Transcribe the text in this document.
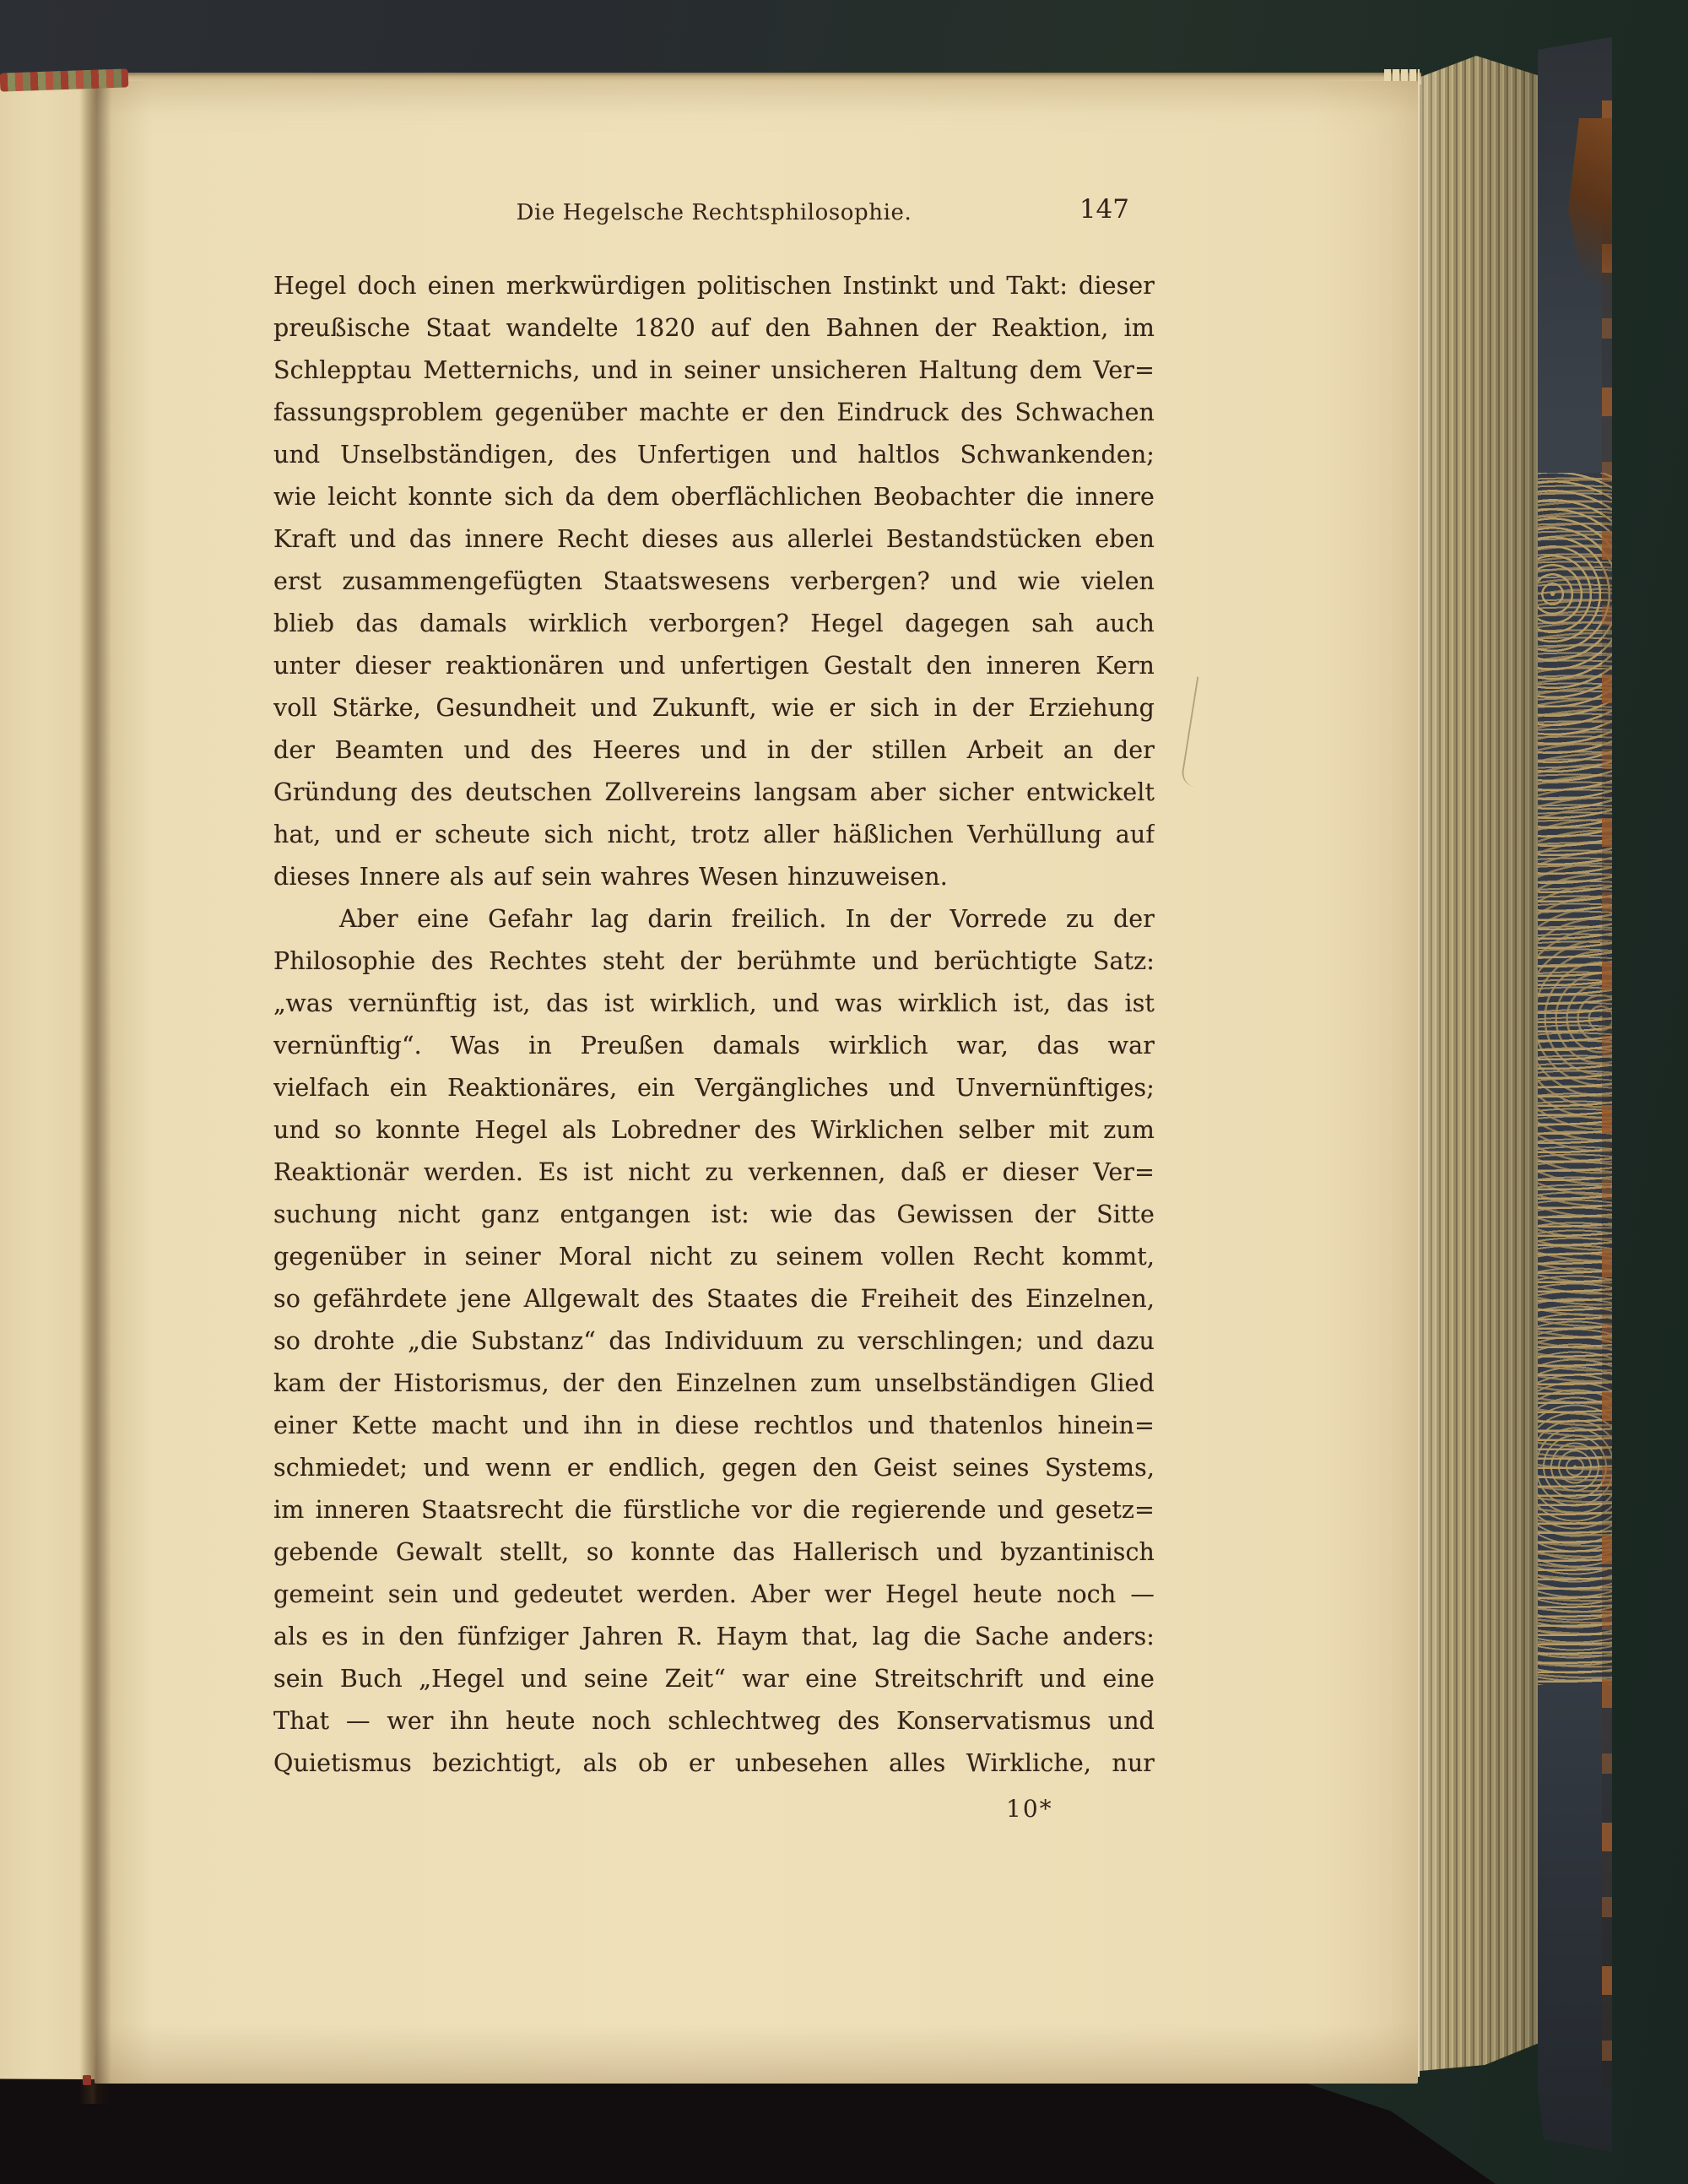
Die Hegelsche Rechtsphilosophie.	147
Hegel doch einen merkwürdigen politischen Instinkt und Takt: dieser
preußische Staat wandelte 1820 auf den Bahnen der Reaktion, im
Schlepptau Metternichs, und in seiner unsicheren Haltung dem Ver=
fassungsproblem gegenüber machte er den Eindruck des Schwachen
und Unselbständigen, des Unfertigen und haltlos Schwankenden;
wie leicht konnte sich da dem oberflächlichen Beobachter die innere
Kraft und das innere Recht dieses aus allerlei Bestandstücken eben
erst zusammengefügten Staatswesens verbergen? und wie vielen
blieb das damals wirklich verborgen? Hegel dagegen sah auch
unter dieser reaktionären und unfertigen Gestalt den inneren Kern
voll Stärke, Gesundheit und Zukunft, wie er sich in der Erziehung
der Beamten und des Heeres und in der stillen Arbeit an der
Gründung des deutschen Zollvereins langsam aber sicher entwickelt
hat, und er scheute sich nicht, trotz aller häßlichen Verhüllung auf
dieses Innere als auf sein wahres Wesen hinzuweisen.
Aber eine Gefahr lag darin freilich. In der Vorrede zu der
Philosophie des Rechtes steht der berühmte und berüchtigte Satz:
„was vernünftig ist, das ist wirklich, und was wirklich ist, das ist
vernünftig“. Was in Preußen damals wirklich war, das war
vielfach ein Reaktionäres, ein Vergängliches und Unvernünftiges;
und so konnte Hegel als Lobredner des Wirklichen selber mit zum
Reaktionär werden. Es ist nicht zu verkennen, daß er dieser Ver=
suchung nicht ganz entgangen ist: wie das Gewissen der Sitte
gegenüber in seiner Moral nicht zu seinem vollen Recht kommt,
so gefährdete jene Allgewalt des Staates die Freiheit des Einzelnen,
so drohte „die Substanz“ das Individuum zu verschlingen; und dazu
kam der Historismus, der den Einzelnen zum unselbständigen Glied
einer Kette macht und ihn in diese rechtlos und thatenlos hinein=
schmiedet; und wenn er endlich, gegen den Geist seines Systems,
im inneren Staatsrecht die fürstliche vor die regierende und gesetz=
gebende Gewalt stellt, so konnte das Hallerisch und byzantinisch
gemeint sein und gedeutet werden. Aber wer Hegel heute noch —
als es in den fünfziger Jahren R. Haym that, lag die Sache anders:
sein Buch „Hegel und seine Zeit“ war eine Streitschrift und eine
That — wer ihn heute noch schlechtweg des Konservatismus und
Quietismus bezichtigt, als ob er unbesehen alles Wirkliche, nur
10*
